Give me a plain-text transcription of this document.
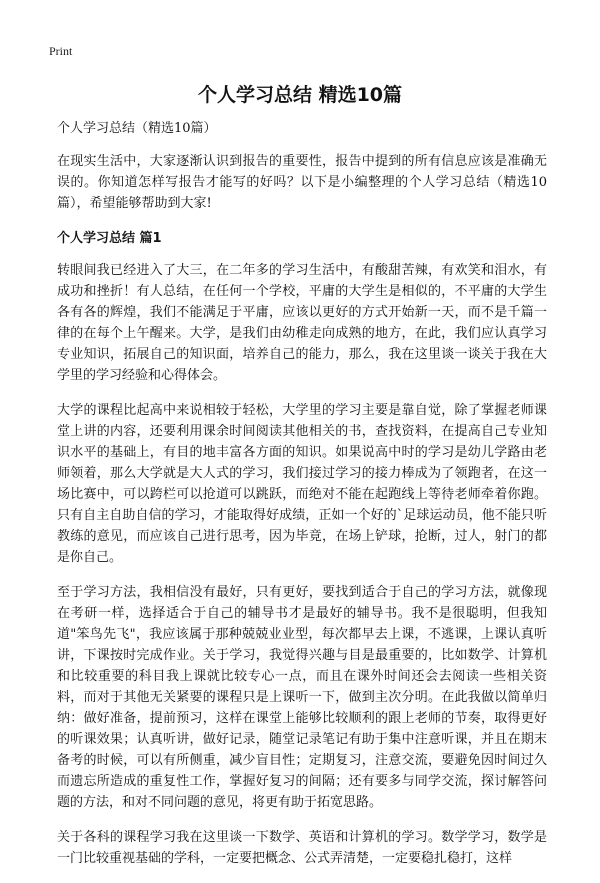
Print
个人学习总结 精选10篇

个人学习总结（精选10篇）

在现实生活中，大家逐渐认识到报告的重要性，报告中提到的所有信息应该是准确无误的。你知道怎样写报告才能写的好吗？以下是小编整理的个人学习总结（精选10篇），希望能够帮助到大家!

个人学习总结 篇1

转眼间我已经进入了大三，在二年多的学习生活中，有酸甜苦辣，有欢笑和泪水，有成功和挫折！有人总结，在任何一个学校，平庸的大学生是相似的，不平庸的大学生各有各的辉煌，我们不能满足于平庸，应该以更好的方式开始新一天，而不是千篇一律的在每个上午醒来。大学，是我们由幼稚走向成熟的地方，在此，我们应认真学习专业知识，拓展自己的知识面，培养自己的能力，那么，我在这里谈一谈关于我在大学里的学习经验和心得体会。

大学的课程比起高中来说相较于轻松，大学里的学习主要是靠自觉，除了掌握老师课堂上讲的内容，还要利用课余时间阅读其他相关的书，查找资料，在提高自己专业知识水平的基础上，有目的地丰富各方面的知识。如果说高中时的学习是幼儿学路由老师领着，那么大学就是大人式的学习，我们接过学习的接力棒成为了领跑者，在这一场比赛中，可以跨栏可以抢道可以跳跃，而绝对不能在起跑线上等待老师牵着你跑。只有自主自助自信的学习，才能取得好成绩，正如一个好的`足球运动员，他不能只听教练的意见，而应该自己进行思考，因为毕竟，在场上铲球，抢断，过人，射门的都是你自己。

至于学习方法，我相信没有最好，只有更好，要找到适合于自己的学习方法，就像现在考研一样，选择适合于自己的辅导书才是最好的辅导书。我不是很聪明，但我知道"笨鸟先飞"，我应该属于那种兢兢业业型，每次都早去上课，不逃课，上课认真听讲，下课按时完成作业。关于学习，我觉得兴趣与目是最重要的，比如数学、计算机和比较重要的科目我上课就比较专心一点，而且在课外时间还会去阅读一些相关资料，而对于其他无关紧要的课程只是上课听一下，做到主次分明。在此我做以简单归纳：做好准备，提前预习，这样在课堂上能够比较顺利的跟上老师的节奏，取得更好的听课效果；认真听讲，做好记录，随堂记录笔记有助于集中注意听课，并且在期末备考的时候，可以有所侧重，减少盲目性；定期复习，注意交流，要避免因时间过久而遗忘所造成的重复性工作，掌握好复习的间隔；还有要多与同学交流，探讨解答问题的方法，和对不同问题的意见，将更有助于拓宽思路。

关于各科的课程学习我在这里谈一下数学、英语和计算机的学习。数学学习，数学是一门比较重视基础的学科，一定要把概念、公式弄清楚，一定要稳扎稳打，这样
